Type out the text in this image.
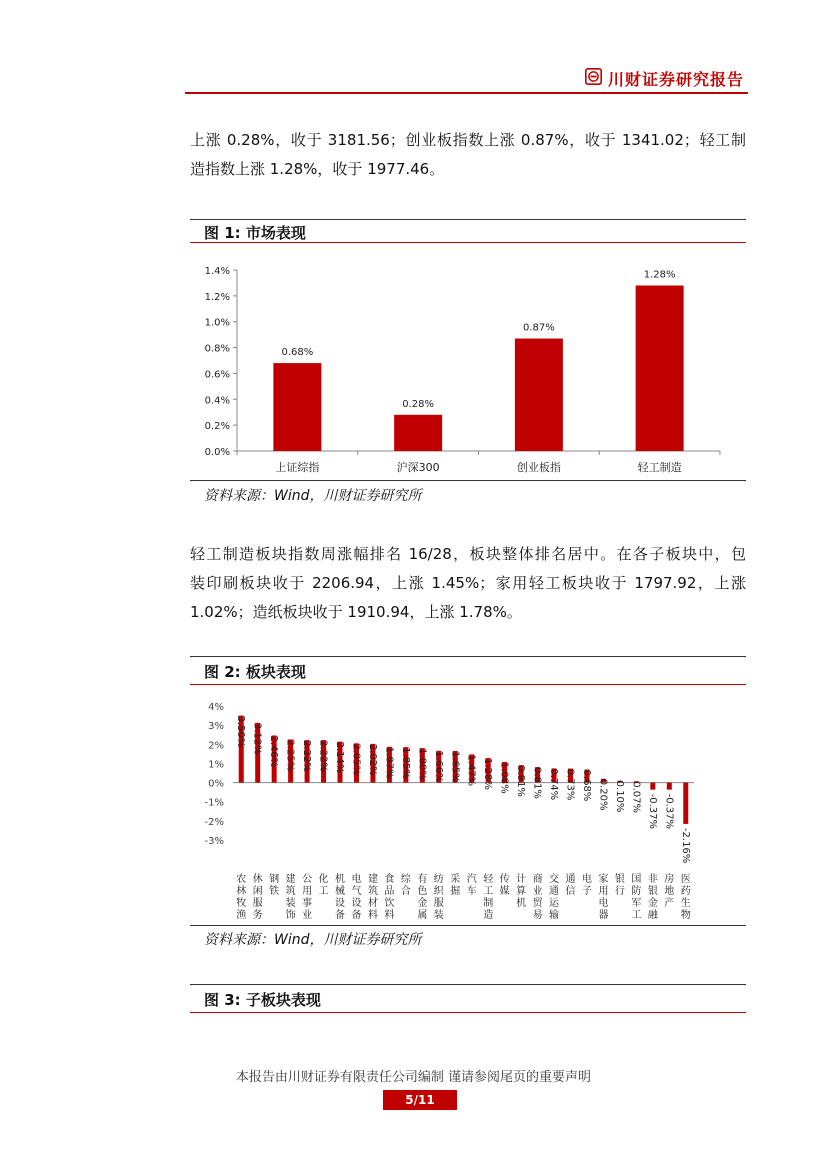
川财证券研究报告
上涨 0.28%，收于 3181.56；创业板指数上涨 0.87%，收于 1341.02；轻工制
造指数上涨 1.28%，收于 1977.46。
图 1: 市场表现
0.0%
0.2%
0.4%
0.6%
0.8%
1.0%
1.2%
1.4%
0.68%
上证综指
0.28%
沪深300
0.87%
创业板指
1.28%
轻工制造
资料来源：Wind，川财证券研究所
轻工制造板块指数周涨幅排名 16/28，板块整体排名居中。在各子板块中，包
装印刷板块收于 2206.94，上涨 1.45%；家用轻工板块收于 1797.92，上涨
1.02%；造纸板块收于 1910.94，上涨 1.78%。
图 2: 板块表现
4%
3%
2%
1%
0%
-1%
-2%
-3%
3.50%
农林牧渔
3.12%
休闲服务
2.46%
钢铁
2.25%
建筑装饰
2.22%
公用事业
2.22%
化工
2.14%
机械设备
2.05%
电气设备
2.02%
建筑材料
1.87%
食品饮料
1.85%
综合
1.80%
有色金属
1.66%
纺织服装
1.65%
采掘
1.47%
汽车
1.28%
轻工制造
1.08%
传媒
0.91%
计算机
0.81%
商业贸易
0.74%
交通运输
0.73%
通信
0.68%
电子
0.20%
家用电器
0.10%
银行
0.07%
国防军工
-0.37%
非银金融
-0.37%
房地产
-2.16%
医药生物
资料来源：Wind，川财证券研究所
图 3: 子板块表现
本报告由川财证券有限责任公司编制 谨请参阅尾页的重要声明
5/11
